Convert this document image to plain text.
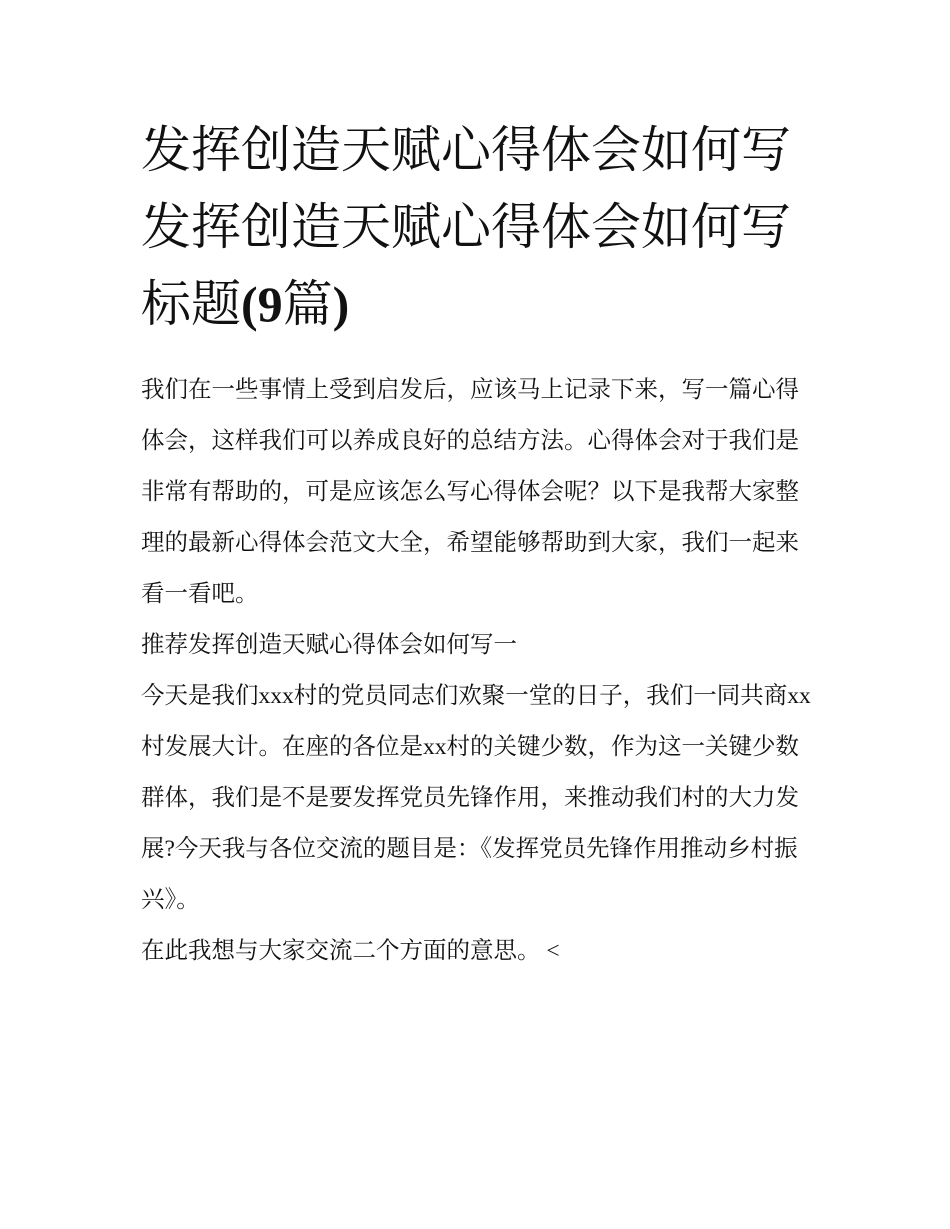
发挥创造天赋心得体会如何写
发挥创造天赋心得体会如何写
标题(9篇)

我们在一些事情上受到启发后，应该马上记录下来，写一篇心得体会，这样我们可以养成良好的总结方法。心得体会对于我们是非常有帮助的，可是应该怎么写心得体会呢？以下是我帮大家整理的最新心得体会范文大全，希望能够帮助到大家，我们一起来看一看吧。

推荐发挥创造天赋心得体会如何写一

今天是我们xxx村的党员同志们欢聚一堂的日子，我们一同共商xx村发展大计。在座的各位是xx村的关键少数，作为这一关键少数群体，我们是不是要发挥党员先锋作用，来推动我们村的大力发展?今天我与各位交流的题目是：《发挥党员先锋作用推动乡村振兴》。

在此我想与大家交流二个方面的意思。 <
